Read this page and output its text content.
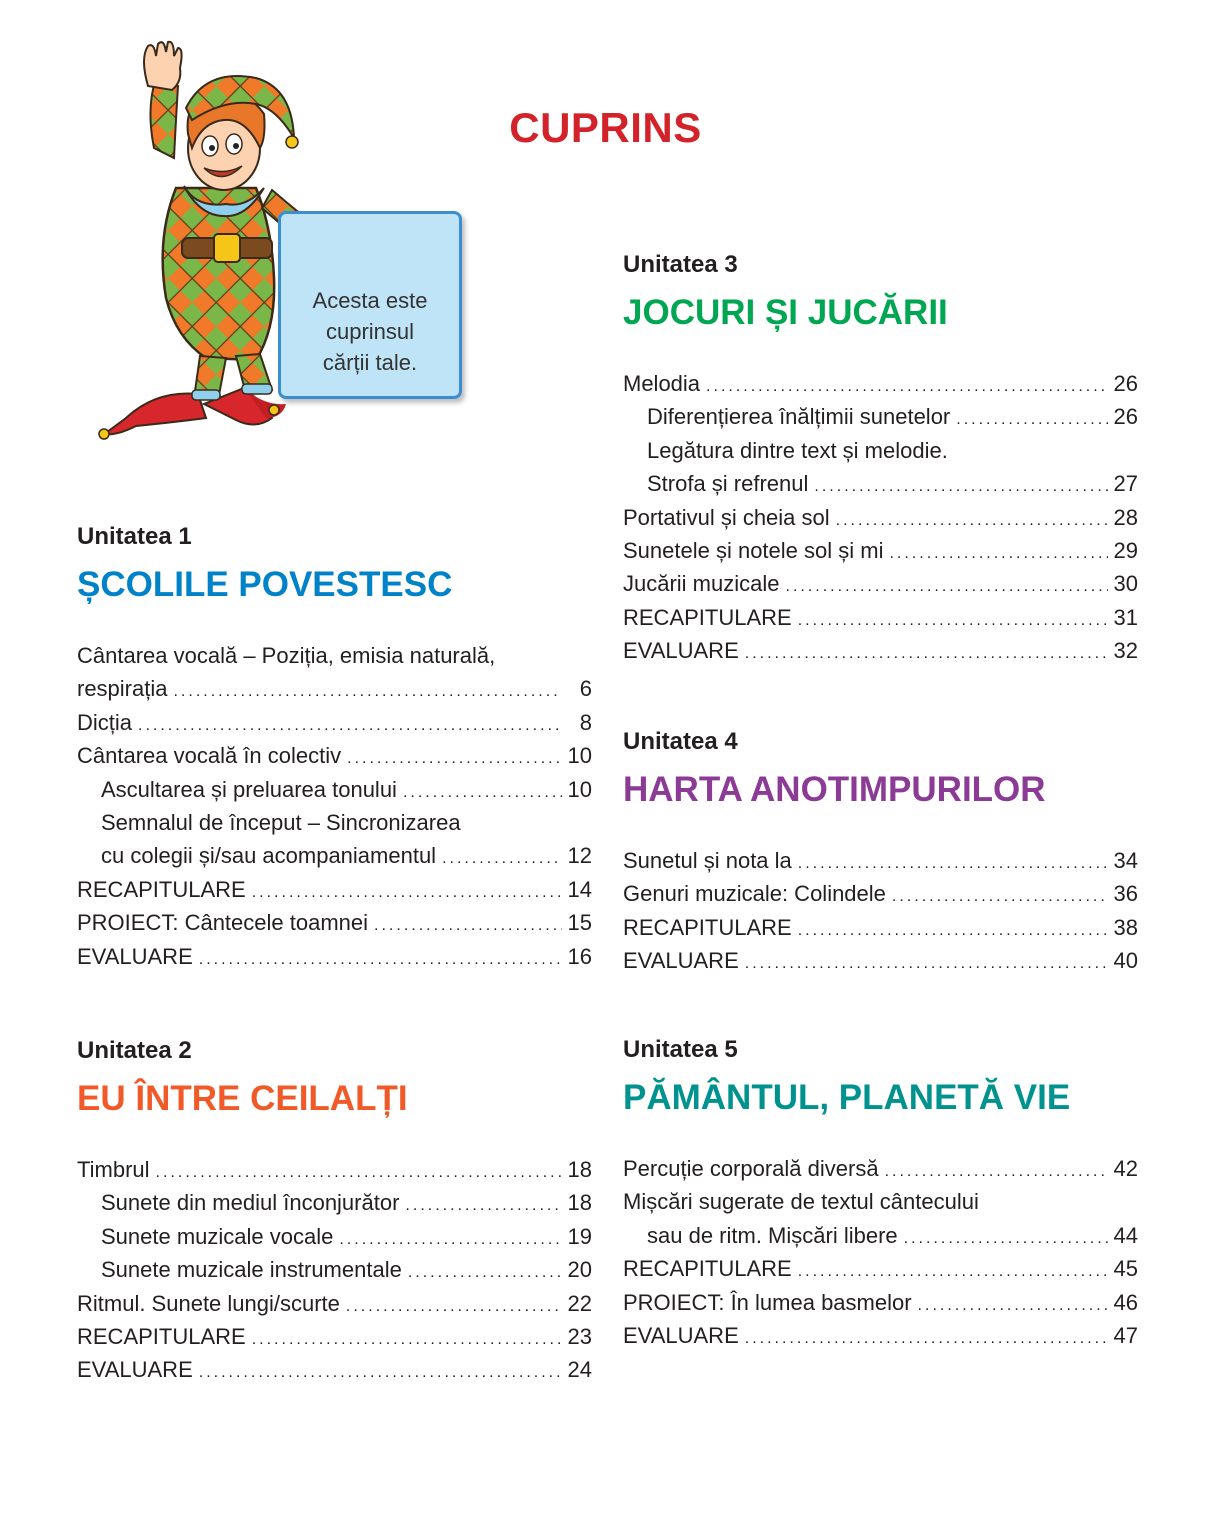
CUPRINS
Acesta este
cuprinsul
cărții tale.
Unitatea 1
ȘCOLILE POVESTESC
Cântarea vocală – Poziția, emisia naturală,
respirația .....	6
Dicția .....	8
Cântarea vocală în colectiv .....	10
Ascultarea și preluarea tonului .....	10
Semnalul de început – Sincronizarea
cu colegii și/sau acompaniamentul .....	12
RECAPITULARE .....	14
PROIECT: Cântecele toamnei .....	15
EVALUARE .....	16
Unitatea 2
EU ÎNTRE CEILALȚI
Timbrul .....	18
Sunete din mediul înconjurător .....	18
Sunete muzicale vocale .....	19
Sunete muzicale instrumentale .....	20
Ritmul. Sunete lungi/scurte .....	22
RECAPITULARE .....	23
EVALUARE .....	24
Unitatea 3
JOCURI ȘI JUCĂRII
Melodia .....	26
Diferențierea înălțimii sunetelor .....	26
Legătura dintre text și melodie.
Strofa și refrenul .....	27
Portativul și cheia sol .....	28
Sunetele și notele sol și mi .....	29
Jucării muzicale .....	30
RECAPITULARE .....	31
EVALUARE .....	32
Unitatea 4
HARTA ANOTIMPURILOR
Sunetul și nota la .....	34
Genuri muzicale: Colindele .....	36
RECAPITULARE .....	38
EVALUARE .....	40
Unitatea 5
PĂMÂNTUL, PLANETĂ VIE
Percuție corporală diversă .....	42
Mișcări sugerate de textul cântecului
sau de ritm. Mișcări libere .....	44
RECAPITULARE .....	45
PROIECT: În lumea basmelor .....	46
EVALUARE .....	47
